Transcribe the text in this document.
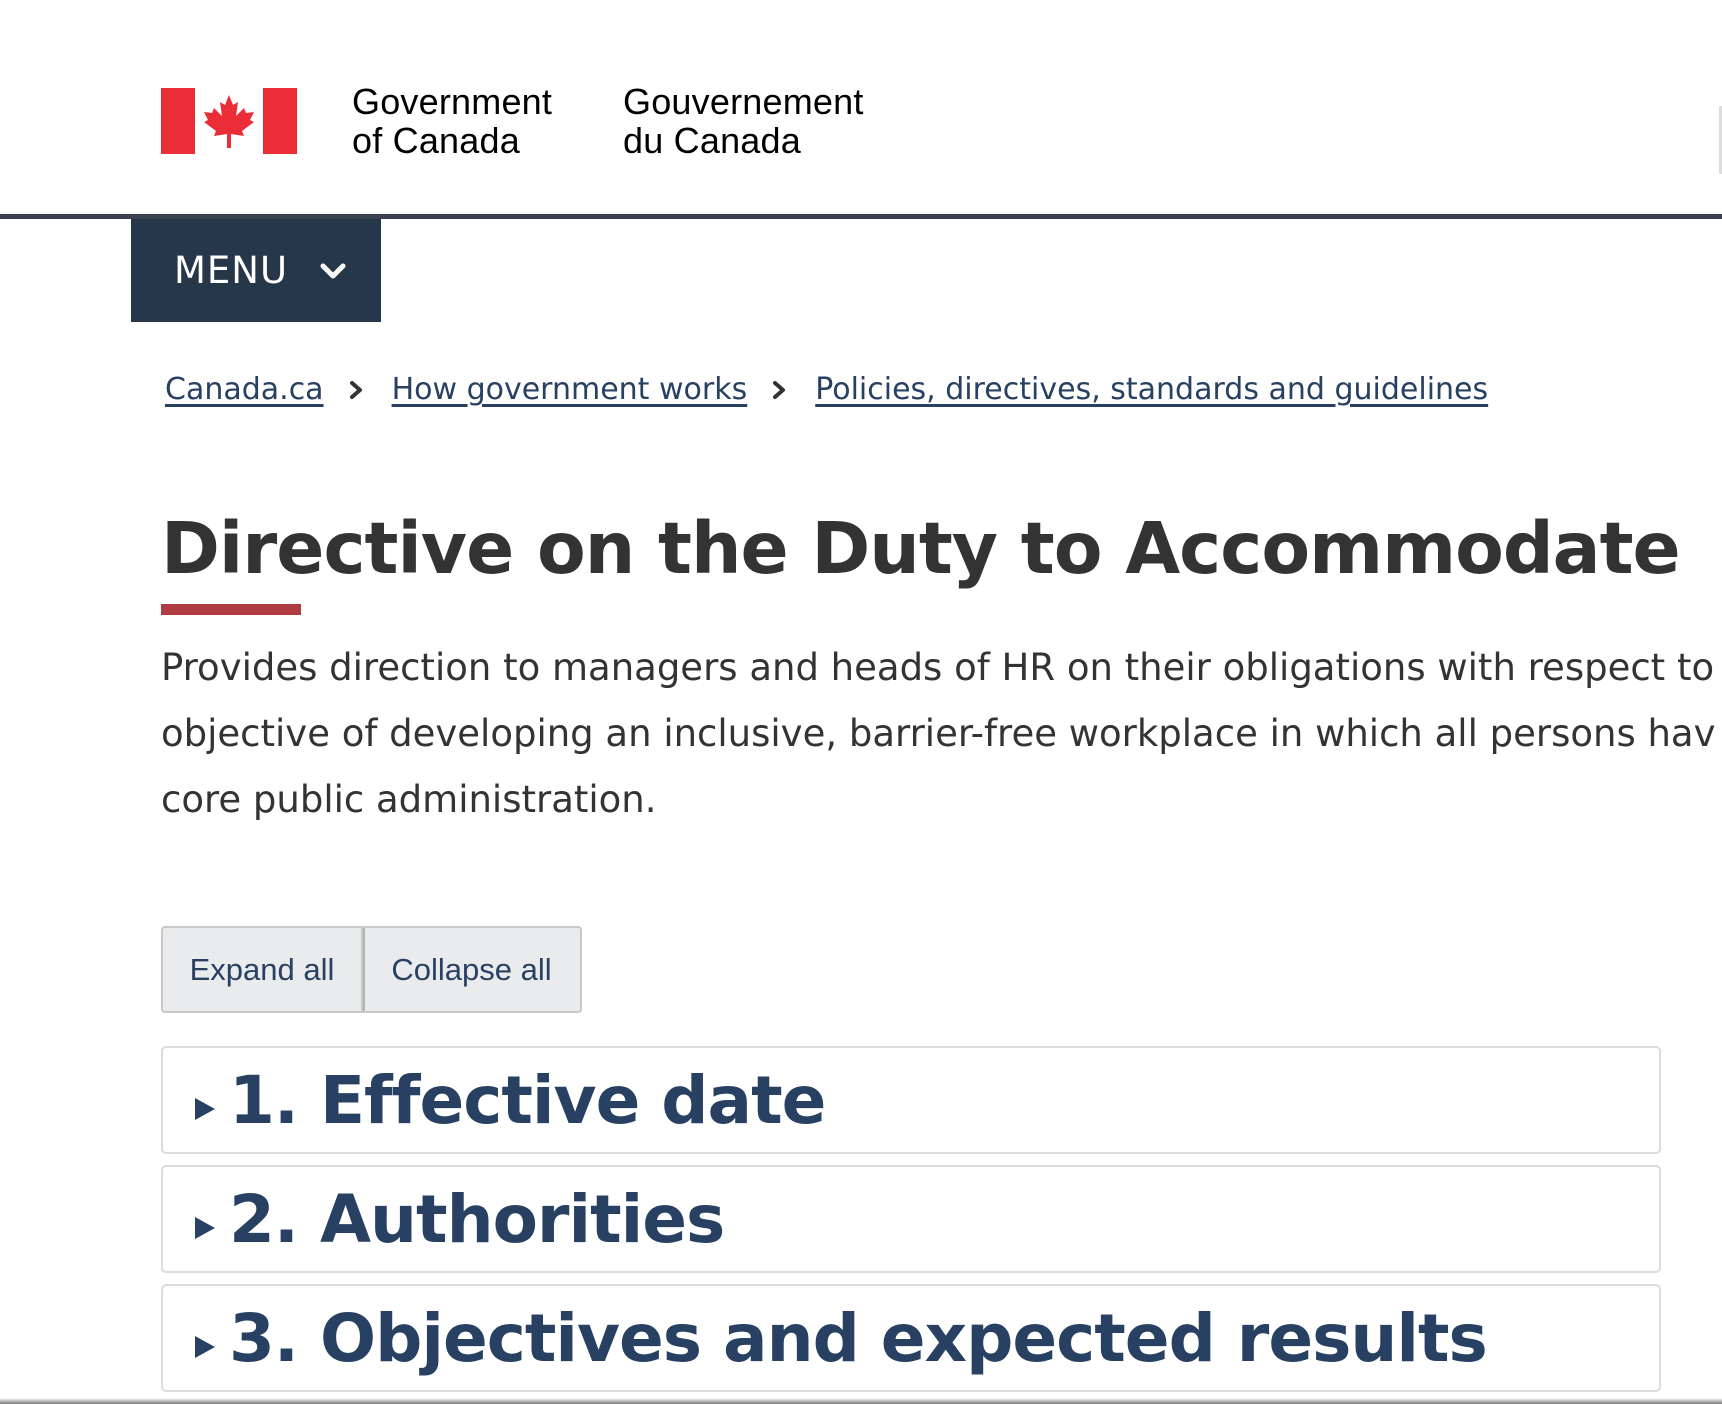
Government
of Canada
Gouvernement
du Canada
MENU
Canada.ca How government works Policies, directives, standards and guidelines
Directive on the Duty to Accommodate
Provides direction to managers and heads of HR on their obligations with respect to
objective of developing an inclusive, barrier-free workplace in which all persons hav
core public administration.
Expand all	Collapse all
1. Effective date
2. Authorities
3. Objectives and expected results
